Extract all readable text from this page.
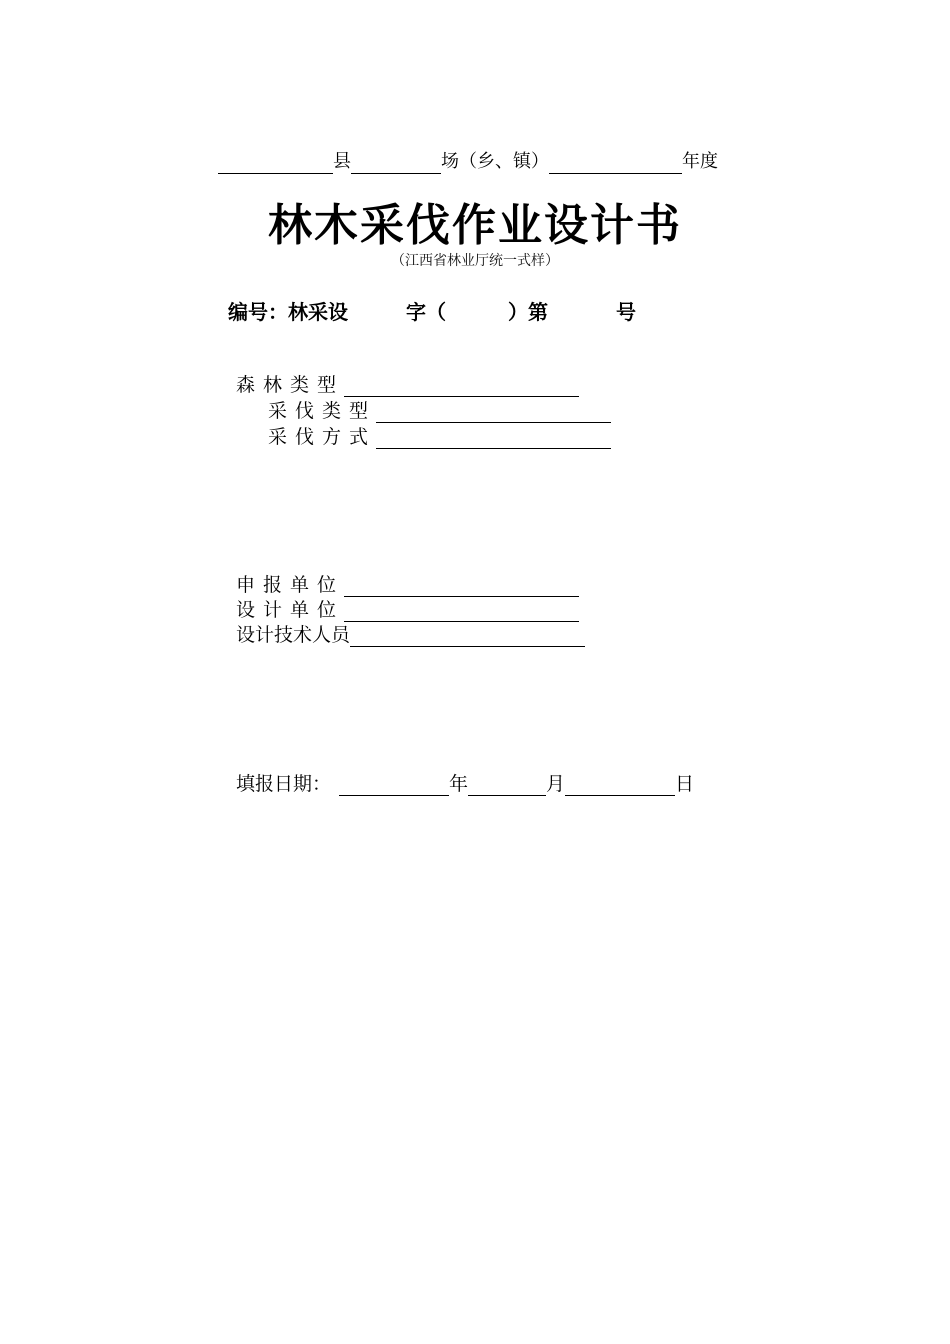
县	场（乡、镇）	年度
林木采伐作业设计书
（江西省林业厅统一式样）
编号：林采设	字（	）第	号
森林类型
采伐类型
采伐方式
申报单位
设计单位
设计技术人员
填报日期：	年	月	日
